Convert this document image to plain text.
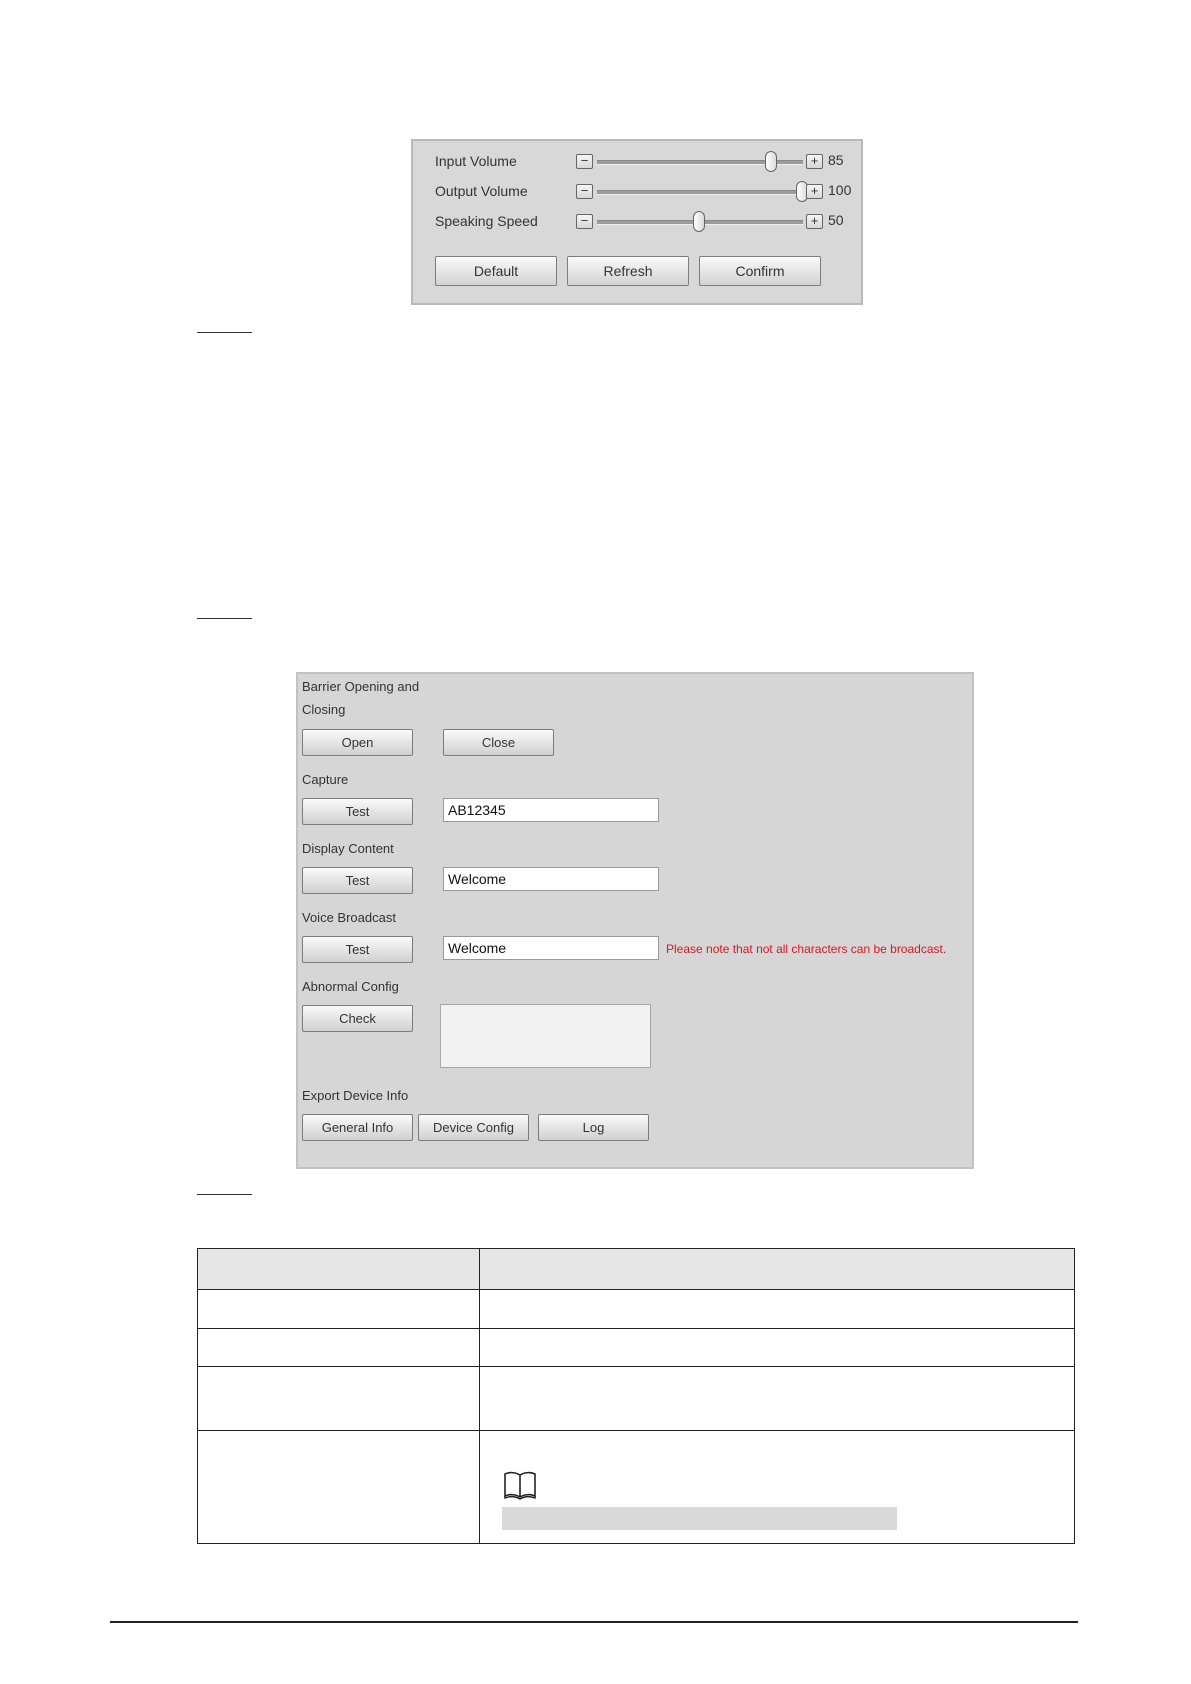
Input Volume	−	+ 85
Output Volume	−	+ 100
Speaking Speed	−	+ 50
Default	Refresh	Confirm
Barrier Opening and Closing
Open	Close
Capture
Test
AB12345
Display Content
Test
Welcome
Voice Broadcast
Test
Welcome	Please note that not all characters can be broadcast.
Abnormal Config
Check
Export Device Info
General Info	Device Config	Log
